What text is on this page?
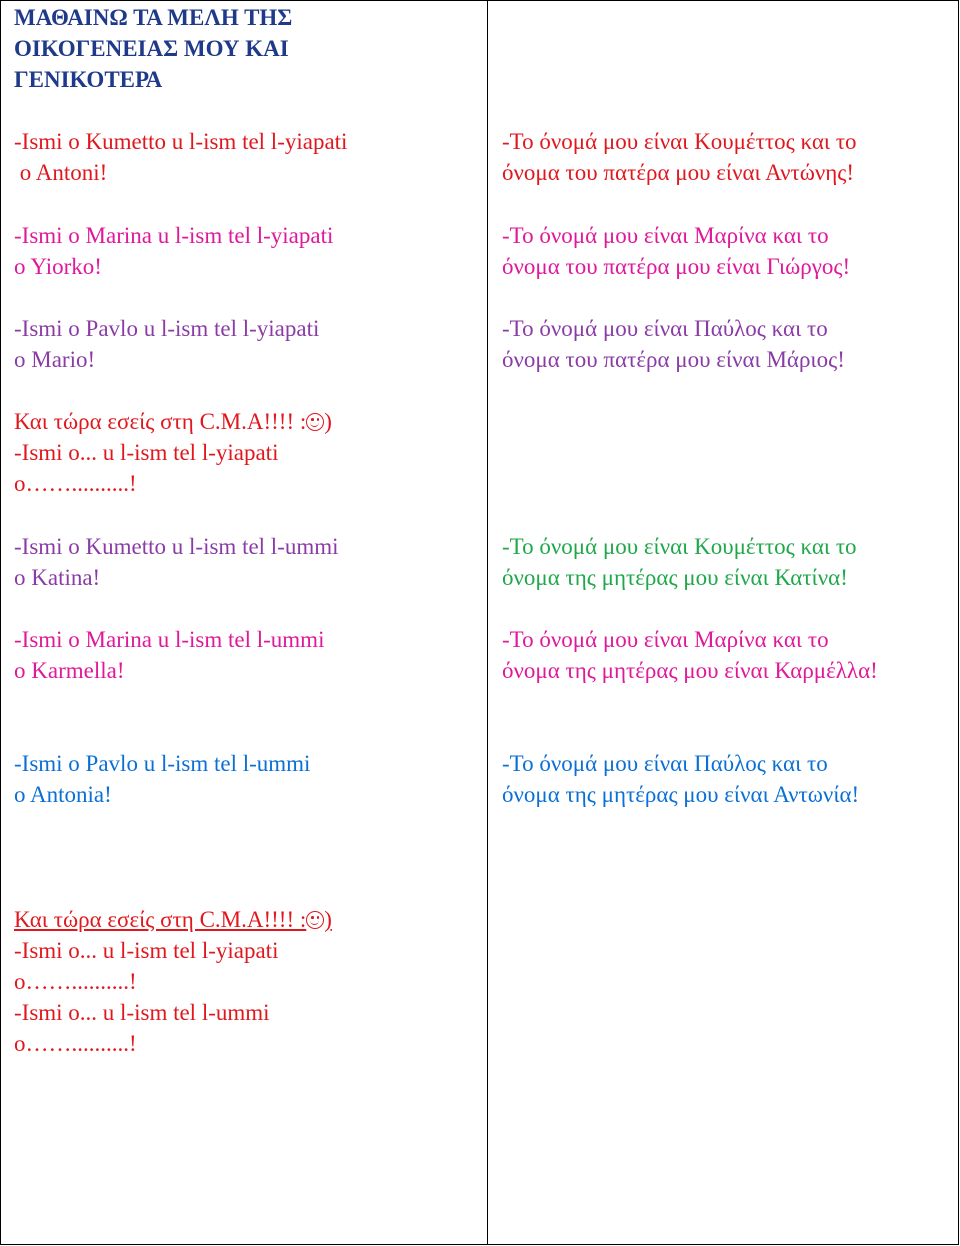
ΜΑΘΑΙΝΩ ΤΑ ΜΕΛΗ ΤΗΣ
ΟΙΚΟΓΕΝΕΙΑΣ ΜΟΥ ΚΑΙ
ΓΕΝΙΚΟΤΕΡΑ
-Ismi o Kumetto u l-ism tel l-yiapati
o Antoni!
-Ismi o Marina u l-ism tel l-yiapati
o Yiorko!
-Ismi o Pavlo u l-ism tel l-yiapati
o Mario!
Και τώρα εσείς στη C.M.A!!!! : )
-Ismi o... u l-ism tel l-yiapati
o……..........!
-Ismi o Kumetto u l-ism tel l-ummi
o Katina!
-Ismi o Marina u l-ism tel l-ummi
o Karmella!
-Ismi o Pavlo u l-ism tel l-ummi
o Antonia!
Και τώρα εσείς στη C.M.A!!!! : )
-Ismi o... u l-ism tel l-yiapati
o……..........!
-Ismi o... u l-ism tel l-ummi
o……..........!
-Το όνομά μου είναι Κουμέττος και το
όνομα του πατέρα μου είναι Αντώνης!
-Το όνομά μου είναι Μαρίνα και το
όνομα του πατέρα μου είναι Γιώργος!
-Το όνομά μου είναι Παύλος και το
όνομα του πατέρα μου είναι Μάριος!
-Το όνομά μου είναι Κουμέττος και το
όνομα της μητέρας μου είναι Κατίνα!
-Το όνομά μου είναι Μαρίνα και το
όνομα της μητέρας μου είναι Καρμέλλα!
-Το όνομά μου είναι Παύλος και το
όνομα της μητέρας μου είναι Αντωνία!
